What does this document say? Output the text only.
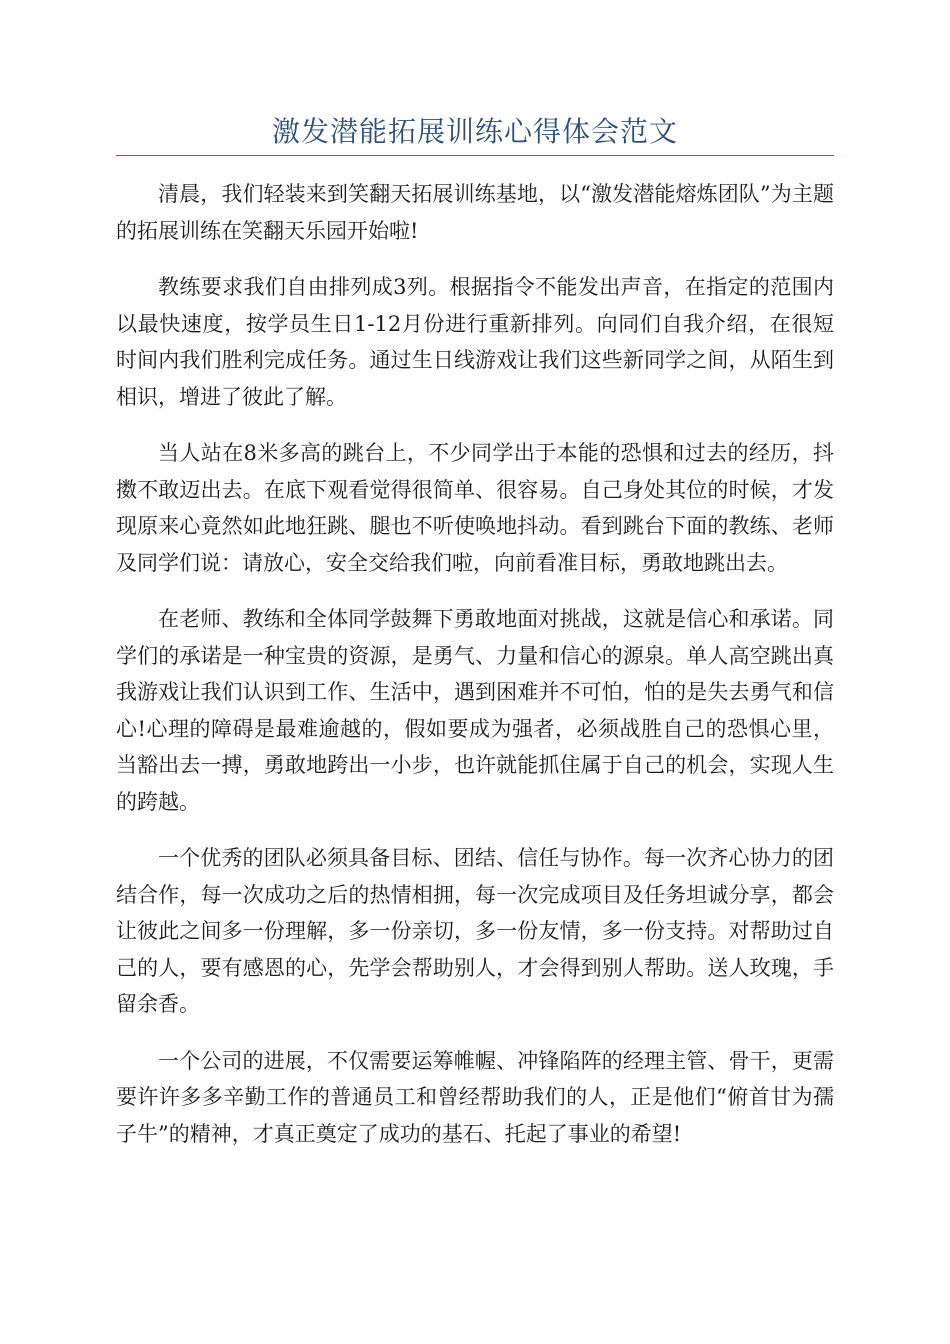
激发潜能拓展训练心得体会范文

清晨，我们轻装来到笑翻天拓展训练基地，以“激发潜能熔炼团队”为主题的拓展训练在笑翻天乐园开始啦!

教练要求我们自由排列成3列。根据指令不能发出声音，在指定的范围内以最快速度，按学员生日1-12月份进行重新排列。向同们自我介绍，在很短时间内我们胜利完成任务。通过生日线游戏让我们这些新同学之间，从陌生到相识，增进了彼此了解。

当人站在8米多高的跳台上，不少同学出于本能的恐惧和过去的经历，抖擞不敢迈出去。在底下观看觉得很简单、很容易。自己身处其位的时候，才发现原来心竟然如此地狂跳、腿也不听使唤地抖动。看到跳台下面的教练、老师及同学们说：请放心，安全交给我们啦，向前看准目标，勇敢地跳出去。

在老师、教练和全体同学鼓舞下勇敢地面对挑战，这就是信心和承诺。同学们的承诺是一种宝贵的资源，是勇气、力量和信心的源泉。单人高空跳出真我游戏让我们认识到工作、生活中，遇到困难并不可怕，怕的是失去勇气和信心!心理的障碍是最难逾越的，假如要成为强者，必须战胜自己的恐惧心里，当豁出去一搏，勇敢地跨出一小步，也许就能抓住属于自己的机会，实现人生的跨越。

一个优秀的团队必须具备目标、团结、信任与协作。每一次齐心协力的团结合作，每一次成功之后的热情相拥，每一次完成项目及任务坦诚分享，都会让彼此之间多一份理解，多一份亲切，多一份友情，多一份支持。对帮助过自己的人，要有感恩的心，先学会帮助别人，才会得到别人帮助。送人玫瑰，手留余香。

一个公司的进展，不仅需要运筹帷幄、冲锋陷阵的经理主管、骨干，更需要许许多多辛勤工作的普通员工和曾经帮助我们的人，正是他们“俯首甘为孺子牛”的精神，才真正奠定了成功的基石、托起了事业的希望!
